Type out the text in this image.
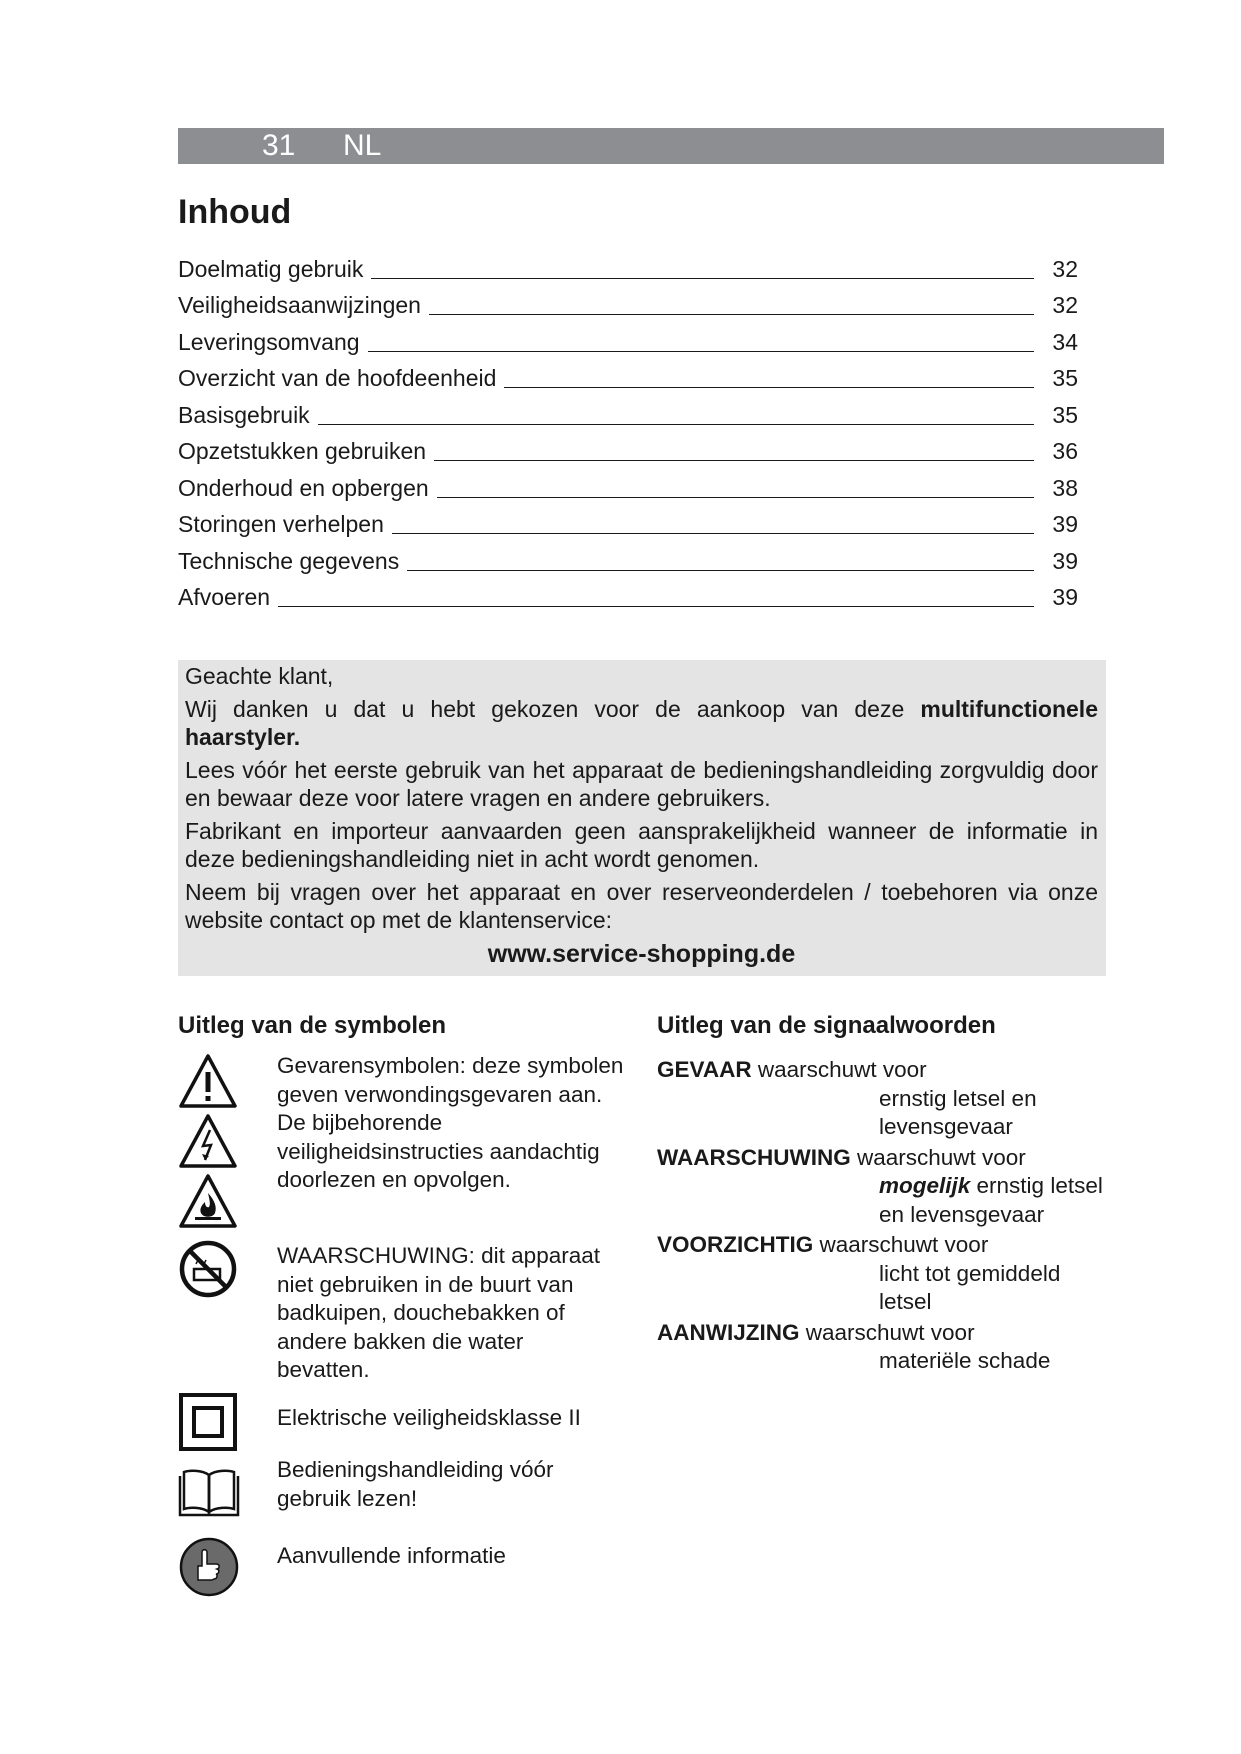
31 NL
Inhoud
Doelmatig gebruik	32
Veiligheidsaanwijzingen	32
Leveringsomvang	34
Overzicht van de hoofdeenheid	35
Basisgebruik	35
Opzetstukken gebruiken	36
Onderhoud en opbergen	38
Storingen verhelpen	39
Technische gegevens	39
Afvoeren	39

Geachte klant,

Wij danken u dat u hebt gekozen voor de aankoop van deze multifunctionele haarstyler.

Lees vóór het eerste gebruik van het apparaat de bedieningshandleiding zorgvuldig door en bewaar deze voor latere vragen en andere gebruikers.

Fabrikant en importeur aanvaarden geen aansprakelijkheid wanneer de informatie in deze bedieningshandleiding niet in acht wordt genomen.

Neem bij vragen over het apparaat en over reserveonderdelen / toebehoren via onze website contact op met de klantenservice:

www.service-shopping.de

Uitleg van de symbolen

Gevarensymbolen: deze symbolen geven verwondingsgevaren aan. De bijbehorende veiligheidsinstructies aandachtig doorlezen en opvolgen.

WAARSCHUWING: dit apparaat niet gebruiken in de buurt van badkuipen, douchebakken of andere bakken die water bevatten.

Elektrische veiligheidsklasse II

Bedieningshandleiding vóór gebruik lezen!

Aanvullende informatie

Uitleg van de signaalwoorden
GEVAAR waarschuwt voor
ernstig letsel en levensgevaar
WAARSCHUWING waarschuwt voor
mogelijk ernstig letsel en levensgevaar
VOORZICHTIG waarschuwt voor
licht tot gemiddeld letsel
AANWIJZING waarschuwt voor
materiële schade
